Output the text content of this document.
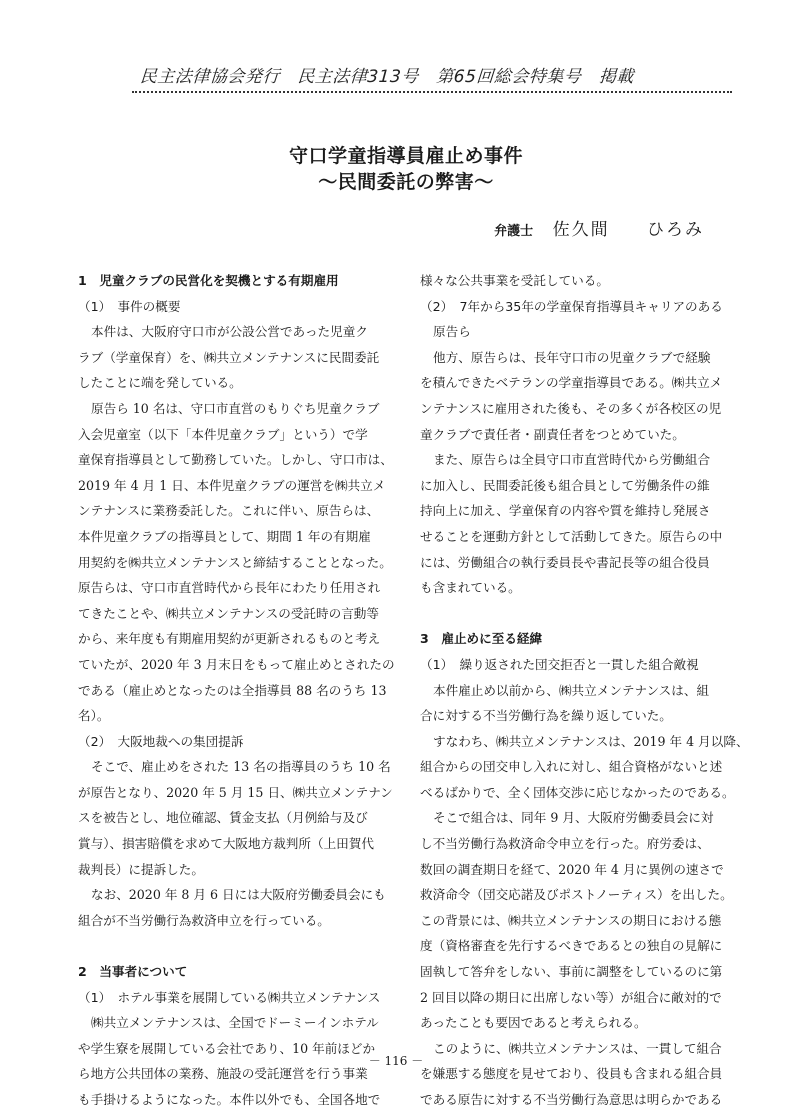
民主法律協会発行　民主法律313号　第65回総会特集号　掲載
守口学童指導員雇止め事件
～民間委託の弊害～
弁護士 佐久間 ひろみ
1　児童クラブの民営化を契機とする有期雇用
（1）　事件の概要
本件は、大阪府守口市が公設公営であった児童ク
ラブ（学童保育）を、㈱共立メンテナンスに民間委託
したことに端を発している。
原告ら 10 名は、守口市直営のもりぐち児童クラブ
入会児童室（以下「本件児童クラブ」という）で学
童保育指導員として勤務していた。しかし、守口市は、
2019 年 4 月 1 日、本件児童クラブの運営を㈱共立メ
ンテナンスに業務委託した。これに伴い、原告らは、
本件児童クラブの指導員として、期間 1 年の有期雇
用契約を㈱共立メンテナンスと締結することとなった。
原告らは、守口市直営時代から長年にわたり任用され
てきたことや、㈱共立メンテナンスの受託時の言動等
から、来年度も有期雇用契約が更新されるものと考え
ていたが、2020 年 3 月末日をもって雇止めとされたの
である（雇止めとなったのは全指導員 88 名のうち 13
名）。
（2）　大阪地裁への集団提訴
そこで、雇止めをされた 13 名の指導員のうち 10 名
が原告となり、2020 年 5 月 15 日、㈱共立メンテナン
スを被告とし、地位確認、賃金支払（月例給与及び
賞与）、損害賠償を求めて大阪地方裁判所（上田賀代
裁判長）に提訴した。
なお、2020 年 8 月 6 日には大阪府労働委員会にも
組合が不当労働行為救済申立を行っている。
2　当事者について
（1）　ホテル事業を展開している㈱共立メンテナンス
㈱共立メンテナンスは、全国でドーミーインホテル
や学生寮を展開している会社であり、10 年前ほどか
ら地方公共団体の業務、施設の受託運営を行う事業
も手掛けるようになった。本件以外でも、全国各地で
様々な公共事業を受託している。
（2）　7年から35年の学童保育指導員キャリアのある
原告ら
他方、原告らは、長年守口市の児童クラブで経験
を積んできたベテランの学童指導員である。㈱共立メ
ンテナンスに雇用された後も、その多くが各校区の児
童クラブで責任者・副責任者をつとめていた。
また、原告らは全員守口市直営時代から労働組合
に加入し、民間委託後も組合員として労働条件の維
持向上に加え、学童保育の内容や質を維持し発展さ
せることを運動方針として活動してきた。原告らの中
には、労働組合の執行委員長や書記長等の組合役員
も含まれている。
3　雇止めに至る経緯
（1）　繰り返された団交拒否と一貫した組合敵視
本件雇止め以前から、㈱共立メンテナンスは、組
合に対する不当労働行為を繰り返していた。
すなわち、㈱共立メンテナンスは、2019 年 4 月以降、
組合からの団交申し入れに対し、組合資格がないと述
べるばかりで、全く団体交渉に応じなかったのである。
そこで組合は、同年 9 月、大阪府労働委員会に対
し不当労働行為救済命令申立を行った。府労委は、
数回の調査期日を経て、2020 年 4 月に異例の速さで
救済命令（団交応諾及びポストノーティス）を出した。
この背景には、㈱共立メンテナンスの期日における態
度（資格審査を先行するべきであるとの独自の見解に
固執して答弁をしない、事前に調整をしているのに第
2 回目以降の期日に出席しない等）が組合に敵対的で
あったことも要因であると考えられる。
このように、㈱共立メンテナンスは、一貫して組合
を嫌悪する態度を見せており、役員も含まれる組合員
である原告に対する不当労働行為意思は明らかである
－ 116 －
